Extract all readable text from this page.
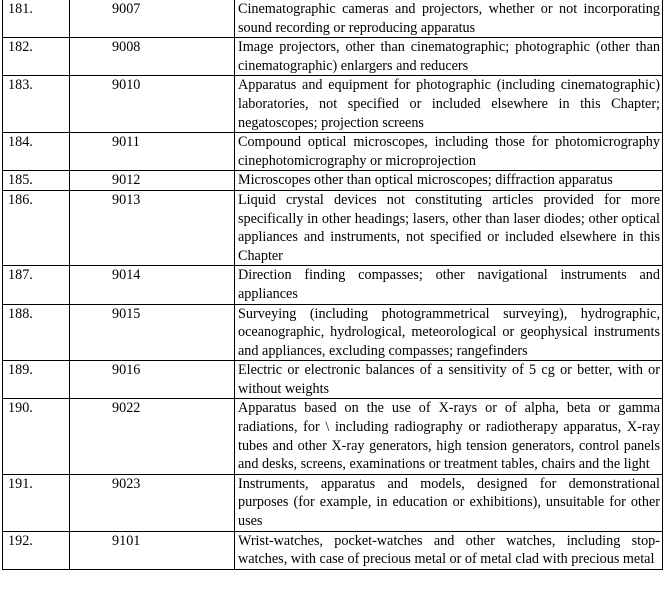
181.	9007	Cinematographic cameras and projectors, whether or not incorporating sound recording or reproducing apparatus
182.	9008	Image projectors, other than cinematographic; photographic (other than cinematographic) enlargers and reducers
183.	9010	Apparatus and equipment for photographic (including cinematographic) laboratories, not specified or included elsewhere in this Chapter; negatoscopes; projection screens
184.	9011	Compound optical microscopes, including those for photomicrography cinephotomicrography or microprojection
185.	9012	Microscopes other than optical microscopes; diffraction apparatus
186.	9013	Liquid crystal devices not constituting articles provided for more specifically in other headings; lasers, other than laser diodes; other optical appliances and instruments, not specified or included elsewhere in this Chapter
187.	9014	Direction finding compasses; other navigational instruments and appliances
188.	9015	Surveying (including photogrammetrical surveying), hydrographic, oceanographic, hydrological, meteorological or geophysical instruments and appliances, excluding compasses; rangefinders
189.	9016	Electric or electronic balances of a sensitivity of 5 cg or better, with or without weights
190.	9022	Apparatus based on the use of X-rays or of alpha, beta or gamma radiations, for \ including radiography or radiotherapy apparatus, X-ray tubes and other X-ray generators, high tension generators, control panels and desks, screens, examinations or treatment tables, chairs and the light
191.	9023	Instruments, apparatus and models, designed for demonstrational purposes (for example, in education or exhibitions), unsuitable for other uses
192.	9101	Wrist-watches, pocket-watches and other watches, including stop-watches, with case of precious metal or of metal clad with precious metal
